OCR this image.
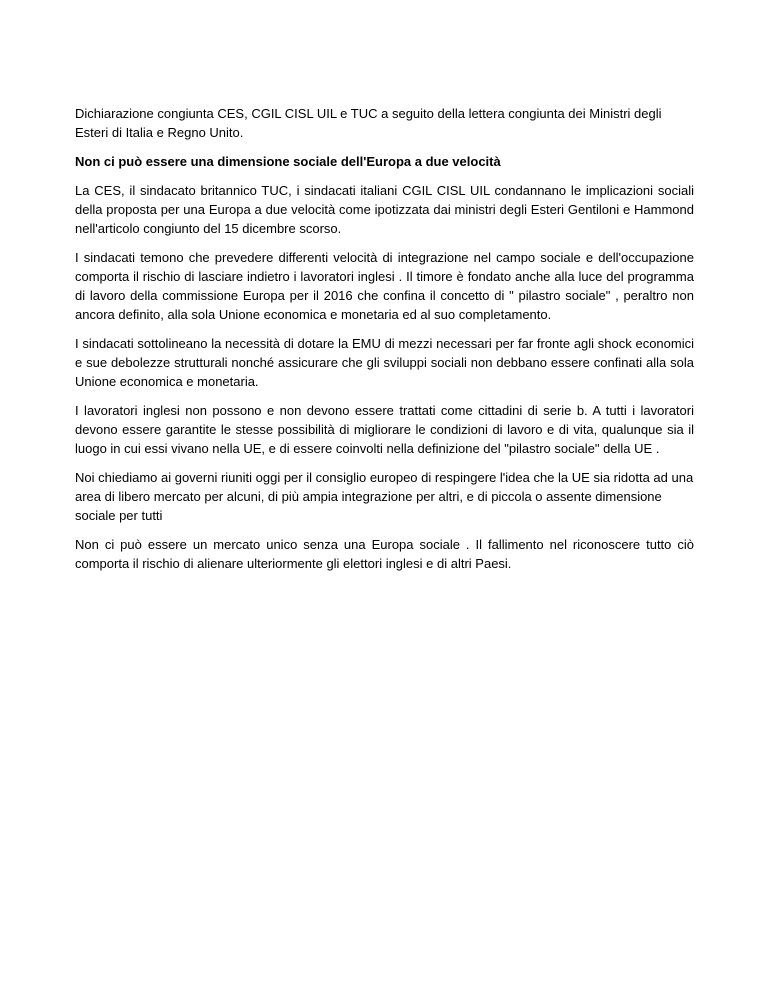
Dichiarazione congiunta CES, CGIL CISL UIL e TUC a seguito della lettera congiunta dei Ministri degli Esteri di Italia e Regno Unito.

Non ci può essere una dimensione sociale dell'Europa a due velocità

La CES, il sindacato britannico TUC, i sindacati italiani CGIL CISL UIL condannano le implicazioni sociali della proposta per una Europa a due velocità come ipotizzata dai ministri degli Esteri Gentiloni e Hammond nell'articolo congiunto del 15 dicembre scorso.

I sindacati temono che prevedere differenti velocità di integrazione nel campo sociale e dell'occupazione comporta il rischio di lasciare indietro i lavoratori inglesi . Il timore è fondato anche alla luce del programma di lavoro della commissione Europa per il 2016 che confina il concetto di " pilastro sociale" , peraltro non ancora definito, alla sola Unione economica e monetaria ed al suo completamento.

I sindacati sottolineano la necessità di dotare la EMU di mezzi necessari per far fronte agli shock economici e sue debolezze strutturali nonché assicurare che gli sviluppi sociali non debbano essere confinati alla sola Unione economica e monetaria.

I lavoratori inglesi non possono e non devono essere trattati come cittadini di serie b. A tutti i lavoratori devono essere garantite le stesse possibilità di migliorare le condizioni di lavoro e di vita, qualunque sia il luogo in cui essi vivano nella UE, e di essere coinvolti nella definizione del "pilastro sociale" della UE .

Noi chiediamo ai governi riuniti oggi per il consiglio europeo di respingere l'idea che la UE sia ridotta ad una area di libero mercato per alcuni, di più ampia integrazione per altri, e di piccola o assente dimensione sociale per tutti

Non ci può essere un mercato unico senza una Europa sociale . Il fallimento nel riconoscere tutto ciò comporta il rischio di alienare ulteriormente gli elettori inglesi e di altri Paesi.
